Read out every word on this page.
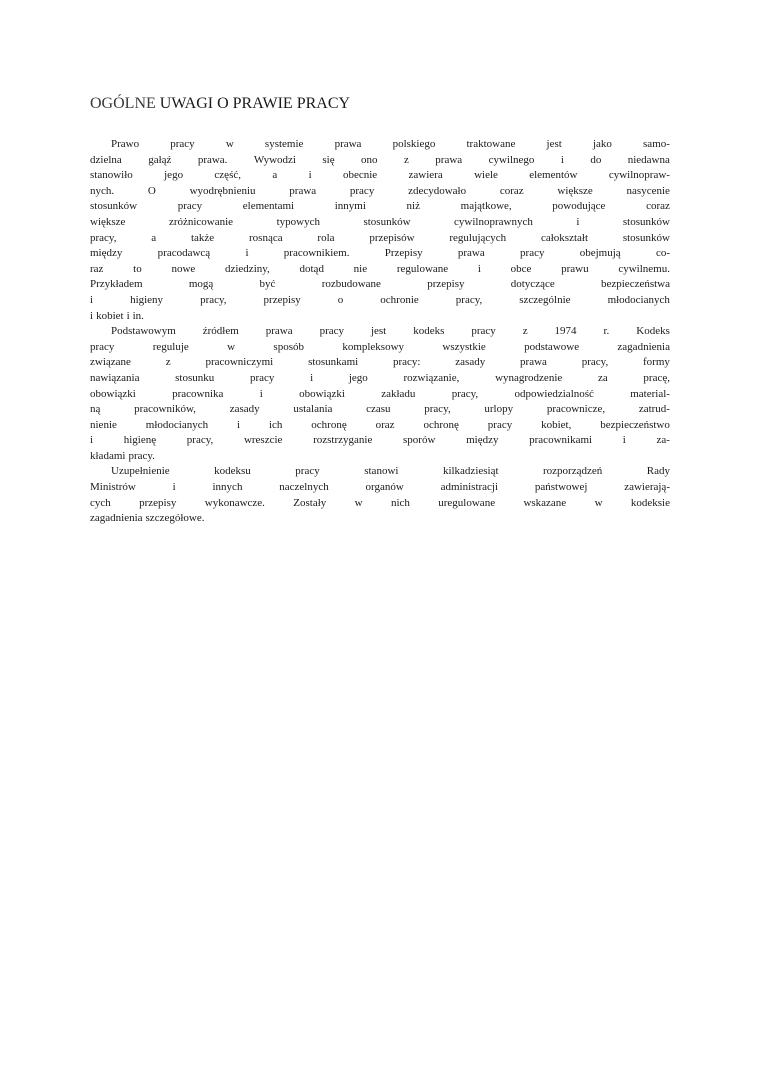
OGÓLNE UWAGI O PRAWIE PRACY
Prawo	pracy	w	systemie	prawa	polskiego	traktowane	jest	jako	samo-
dzielna gałąź prawa. Wywodzi się ono z prawa cywilnego i do niedawna
stanowiło	jego	część,	a	i	obecnie	zawiera	wiele	elementów	cywilnopraw-
nych.	O	wyodrębnieniu	prawa	pracy	zdecydowało	coraz	większe	nasycenie
stosunków	pracy	elementami	innymi	niż	majątkowe,	powodujące	coraz
większe	zróżnicowanie	typowych	stosunków	cywilnoprawnych	i	stosunków
pracy,	a	także	rosnąca	rola	przepisów	regulujących	całokształt	stosunków
między	pracodawcą	i	pracownikiem.	Przepisy	prawa	pracy	obejmują	co-
raz	to	nowe	dziedziny,	dotąd	nie	regulowane	i	obce	prawu	cywilnemu.
Przykładem	mogą	być	rozbudowane	przepisy	dotyczące	bezpieczeństwa
i	higieny	pracy,	przepisy	o	ochronie	pracy,	szczególnie	młodocianych
i kobiet i in.
Podstawowym źródłem prawa pracy jest kodeks pracy z 1974 r. Kodeks
pracy	reguluje	w	sposób	kompleksowy	wszystkie	podstawowe	zagadnienia
związane	z	pracowniczymi	stosunkami	pracy:	zasady	prawa	pracy,	formy
nawiązania	stosunku	pracy	i	jego	rozwiązanie,	wynagrodzenie	za	pracę,
obowiązki	pracownika	i	obowiązki	zakładu	pracy,	odpowiedzialność	material-
ną	pracowników,	zasady	ustalania	czasu	pracy,	urlopy	pracownicze,	zatrud-
nienie	młodocianych	i	ich	ochronę	oraz	ochronę	pracy	kobiet,	bezpieczeństwo
i	higienę	pracy,	wreszcie	rozstrzyganie	sporów	między	pracownikami	i	za-
kładami pracy.
Uzupełnienie	kodeksu	pracy	stanowi	kilkadziesiąt	rozporządzeń	Rady
Ministrów	i	innych	naczelnych	organów	administracji	państwowej	zawierają-
cych	przepisy	wykonawcze.	Zostały	w	nich	uregulowane	wskazane	w	kodeksie
zagadnienia szczegółowe.
